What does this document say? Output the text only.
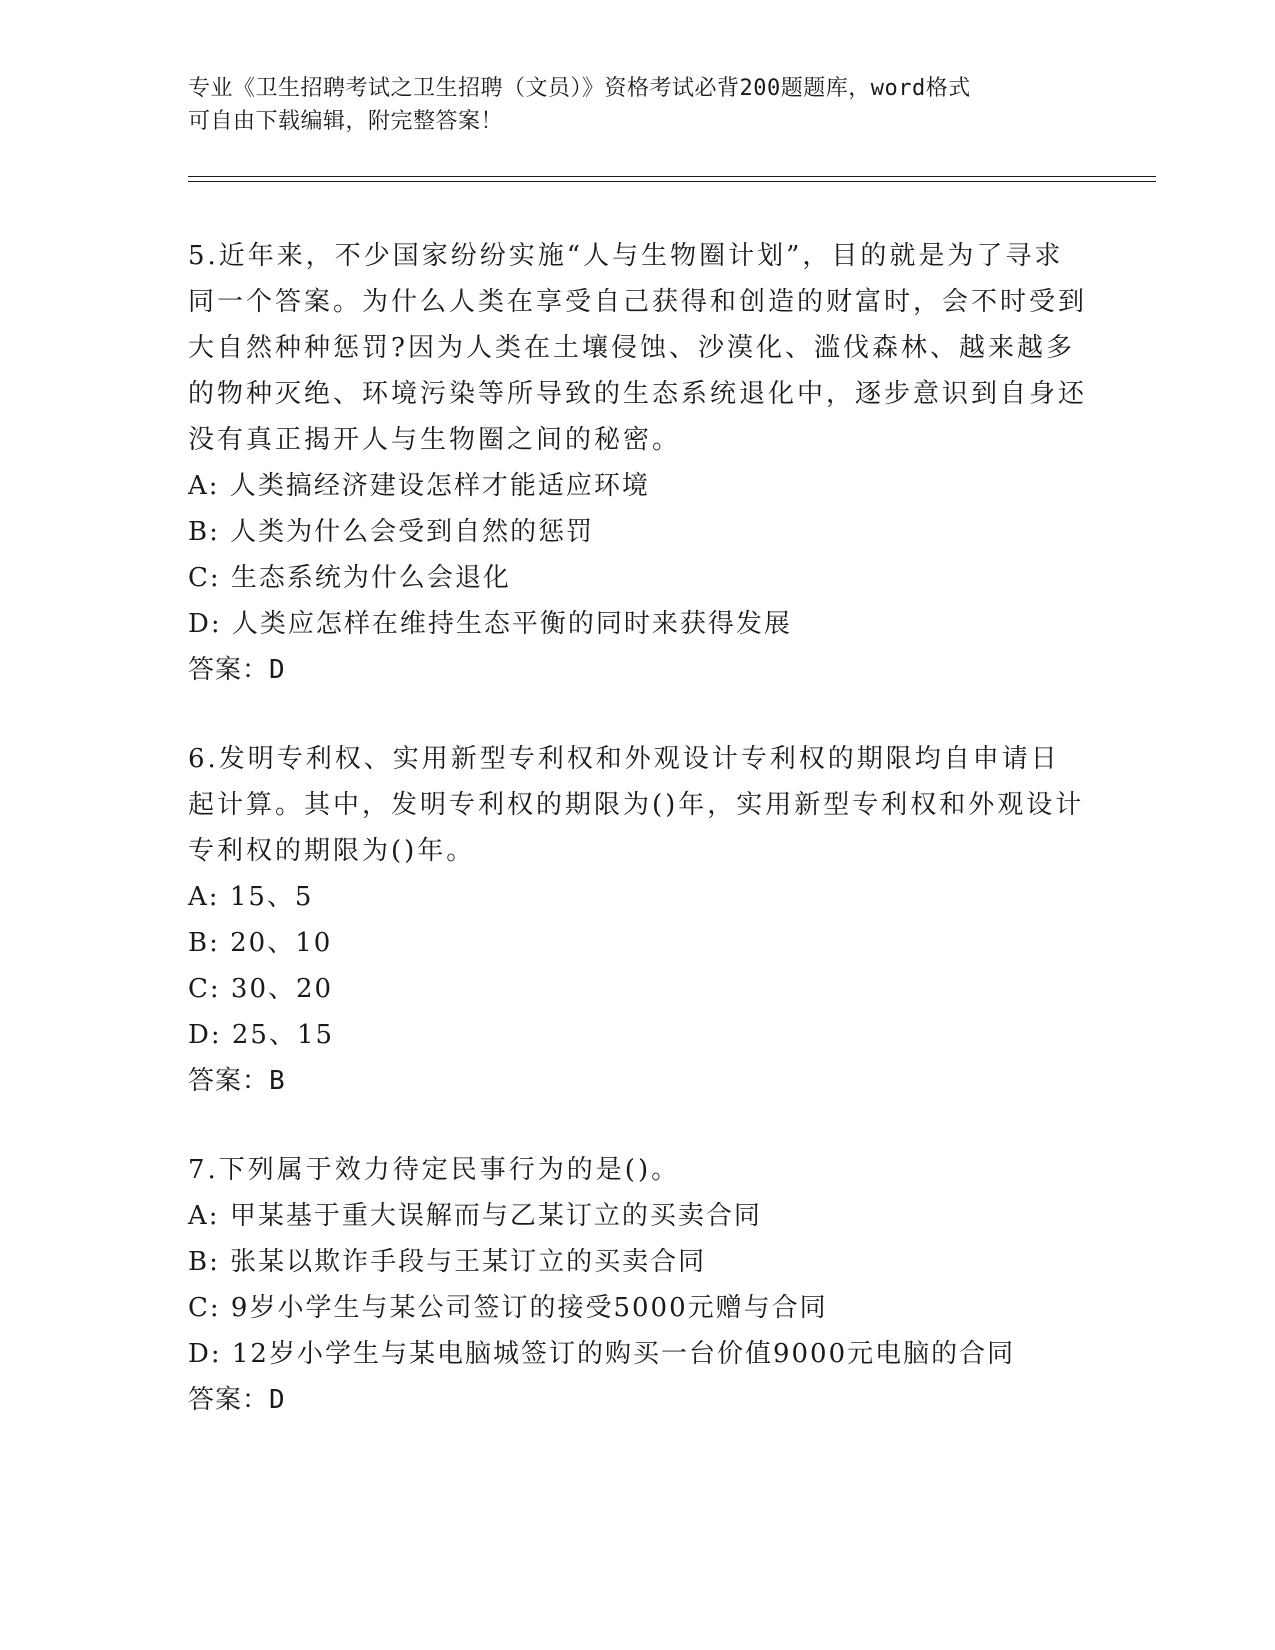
专业《卫生招聘考试之卫生招聘（文员）》资格考试必背200题题库，word格式
可自由下载编辑，附完整答案！
5.近年来，不少国家纷纷实施“人与生物圈计划”，目的就是为了寻求同一个答案。为什么人类在享受自己获得和创造的财富时，会不时受到大自然种种惩罚?因为人类在土壤侵蚀、沙漠化、滥伐森林、越来越多的物种灭绝、环境污染等所导致的生态系统退化中，逐步意识到自身还没有真正揭开人与生物圈之间的秘密。
A: 人类搞经济建设怎样才能适应环境
B: 人类为什么会受到自然的惩罚
C: 生态系统为什么会退化
D: 人类应怎样在维持生态平衡的同时来获得发展
答案：D
6.发明专利权、实用新型专利权和外观设计专利权的期限均自申请日起计算。其中，发明专利权的期限为()年，实用新型专利权和外观设计专利权的期限为()年。
A: 15、5
B: 20、10
C: 30、20
D: 25、15
答案：B
7.下列属于效力待定民事行为的是()。
A: 甲某基于重大误解而与乙某订立的买卖合同
B: 张某以欺诈手段与王某订立的买卖合同
C: 9岁小学生与某公司签订的接受5000元赠与合同
D: 12岁小学生与某电脑城签订的购买一台价值9000元电脑的合同
答案：D
